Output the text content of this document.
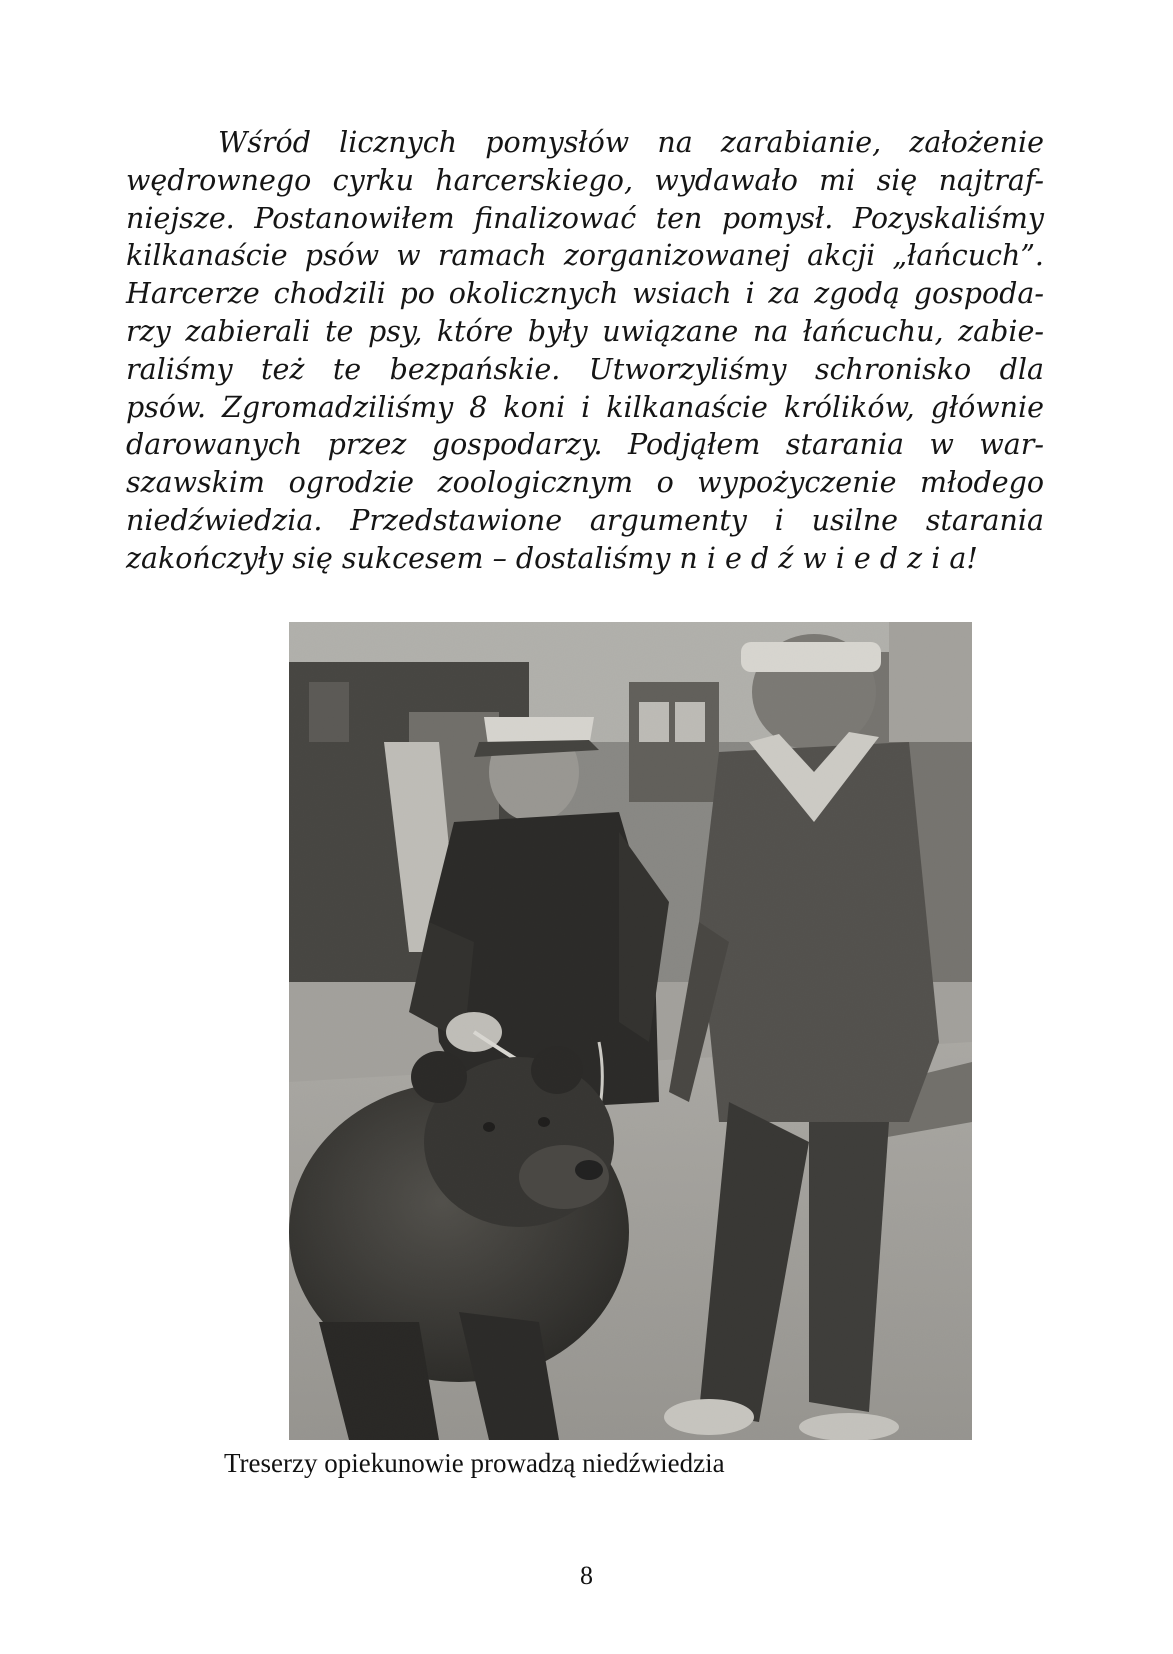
Wśród licznych pomysłów na zarabianie, założenie
wędrownego cyrku harcerskiego, wydawało mi się najtraf-
niejsze. Postanowiłem finalizować ten pomysł. Pozyskaliśmy
kilkanaście psów w ramach zorganizowanej akcji „łańcuch”.
Harcerze chodzili po okolicznych wsiach i za zgodą gospoda-
rzy zabierali te psy, które były uwiązane na łańcuchu, zabie-
raliśmy też te bezpańskie. Utworzyliśmy schronisko dla
psów. Zgromadziliśmy 8 koni i kilkanaście królików, głównie
darowanych przez gospodarzy. Podjąłem starania w war-
szawskim ogrodzie zoologicznym o wypożyczenie młodego
niedźwiedzia. Przedstawione argumenty i usilne starania
zakończyły się sukcesem – dostaliśmy n i e d ź w i e d z i a!

Treserzy opiekunowie prowadzą niedźwiedzia

8
